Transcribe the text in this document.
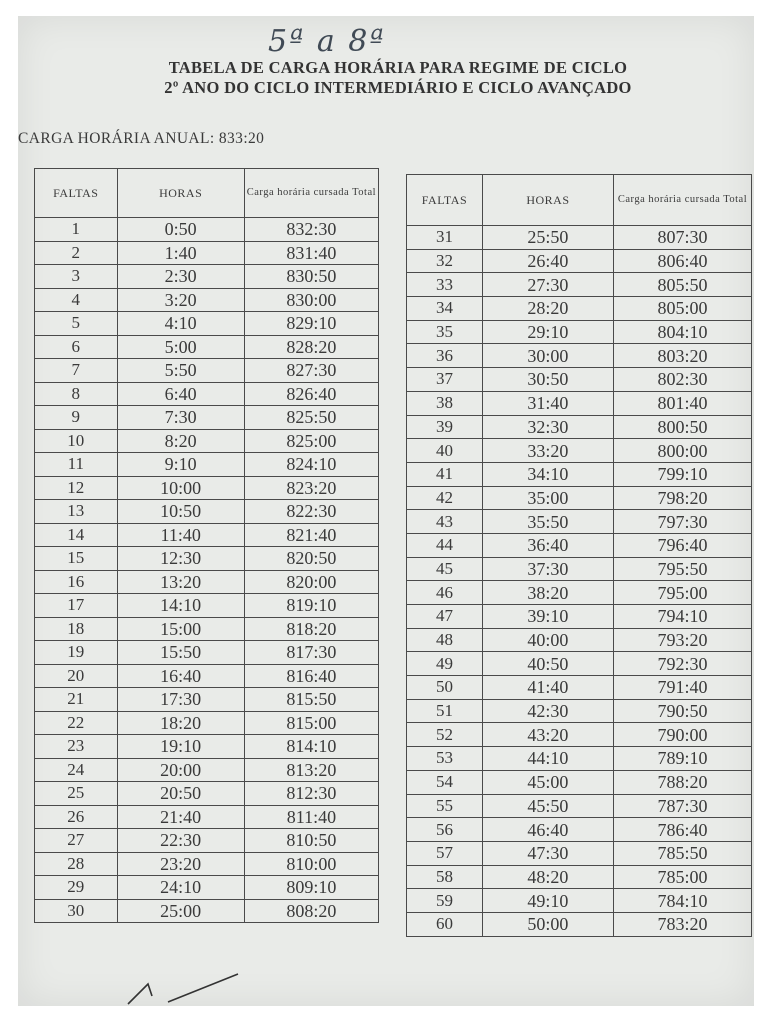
5ª a 8ª
TABELA DE CARGA HORÁRIA PARA REGIME DE CICLO
2º ANO DO CICLO INTERMEDIÁRIO E CICLO AVANÇADO
CARGA HORÁRIA ANUAL: 833:20
FALTAS	HORAS	Carga horária cursada Total
1	0:50	832:30
2	1:40	831:40
3	2:30	830:50
4	3:20	830:00
5	4:10	829:10
6	5:00	828:20
7	5:50	827:30
8	6:40	826:40
9	7:30	825:50
10	8:20	825:00
11	9:10	824:10
12	10:00	823:20
13	10:50	822:30
14	11:40	821:40
15	12:30	820:50
16	13:20	820:00
17	14:10	819:10
18	15:00	818:20
19	15:50	817:30
20	16:40	816:40
21	17:30	815:50
22	18:20	815:00
23	19:10	814:10
24	20:00	813:20
25	20:50	812:30
26	21:40	811:40
27	22:30	810:50
28	23:20	810:00
29	24:10	809:10
30	25:00	808:20
FALTAS	HORAS	Carga horária cursada Total
31	25:50	807:30
32	26:40	806:40
33	27:30	805:50
34	28:20	805:00
35	29:10	804:10
36	30:00	803:20
37	30:50	802:30
38	31:40	801:40
39	32:30	800:50
40	33:20	800:00
41	34:10	799:10
42	35:00	798:20
43	35:50	797:30
44	36:40	796:40
45	37:30	795:50
46	38:20	795:00
47	39:10	794:10
48	40:00	793:20
49	40:50	792:30
50	41:40	791:40
51	42:30	790:50
52	43:20	790:00
53	44:10	789:10
54	45:00	788:20
55	45:50	787:30
56	46:40	786:40
57	47:30	785:50
58	48:20	785:00
59	49:10	784:10
60	50:00	783:20
